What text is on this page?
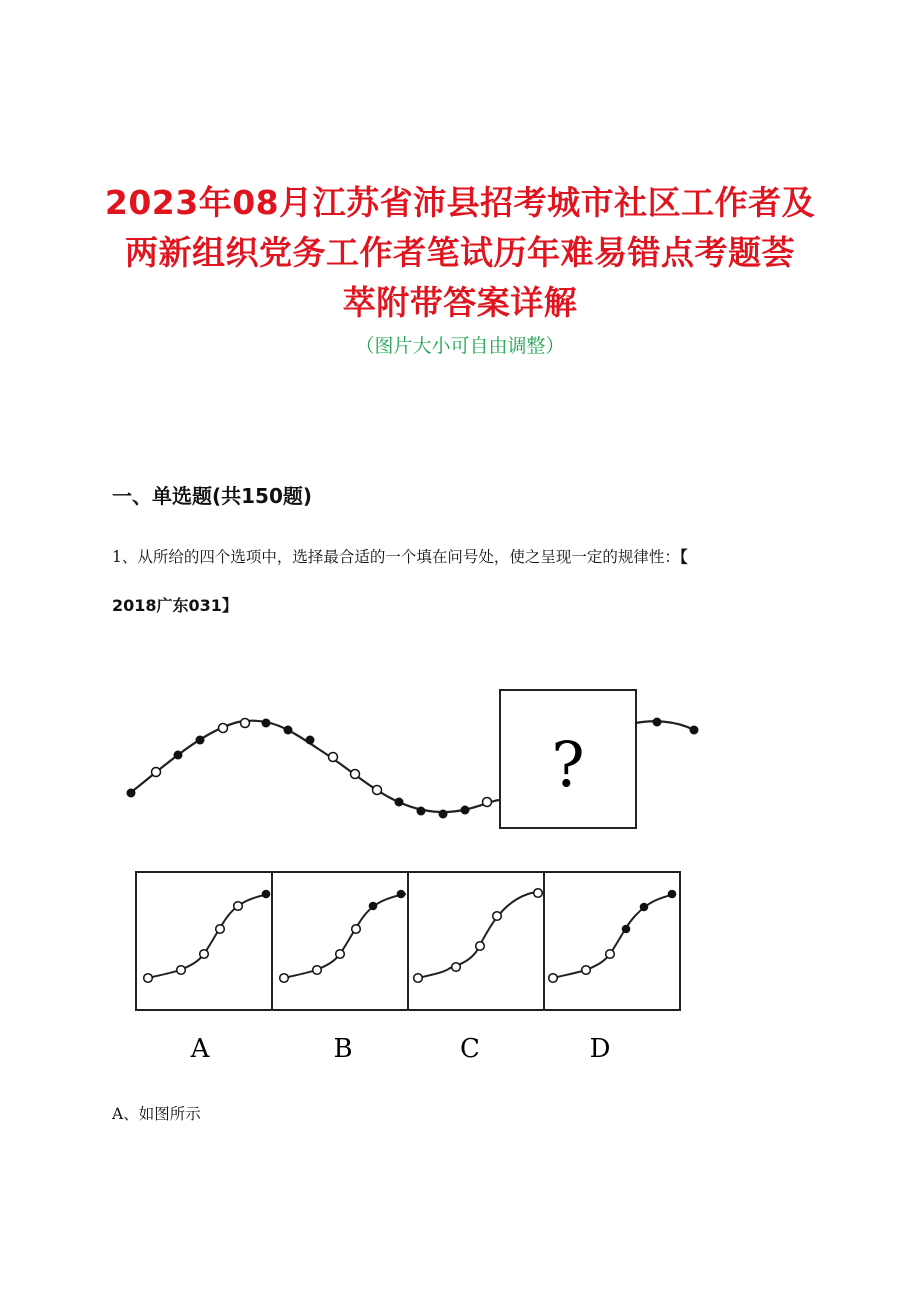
2023年08月江苏省沛县招考城市社区工作者及
两新组织党务工作者笔试历年难易错点考题荟
萃附带答案详解
（图片大小可自由调整）
一、单选题(共150题)
1、从所给的四个选项中，选择最合适的一个填在问号处，使之呈现一定的规律性：【
2018广东031】
?
A	B	C	D
A、如图所示
